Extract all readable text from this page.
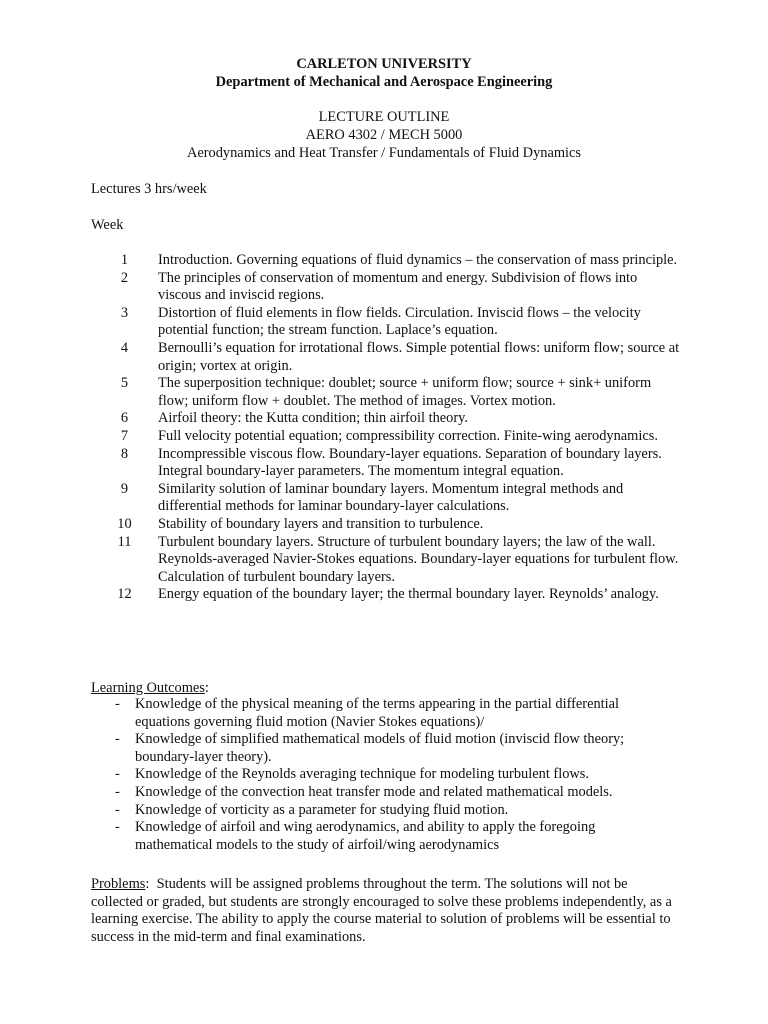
CARLETON UNIVERSITY
Department of Mechanical and Aerospace Engineering
LECTURE OUTLINE
AERO 4302 / MECH 5000
Aerodynamics and Heat Transfer / Fundamentals of Fluid Dynamics
Lectures 3 hrs/week
Week
1	Introduction. Governing equations of fluid dynamics – the conservation of mass principle.
2	The principles of conservation of momentum and energy. Subdivision of flows into viscous and inviscid regions.
3	Distortion of fluid elements in flow fields. Circulation. Inviscid flows – the velocity potential function; the stream function. Laplace’s equation.
4	Bernoulli’s equation for irrotational flows. Simple potential flows: uniform flow; source at origin; vortex at origin.
5	The superposition technique: doublet; source + uniform flow; source + sink+ uniform flow; uniform flow + doublet. The method of images. Vortex motion.
6	Airfoil theory: the Kutta condition; thin airfoil theory.
7	Full velocity potential equation; compressibility correction. Finite-wing aerodynamics.
8	Incompressible viscous flow. Boundary-layer equations. Separation of boundary layers. Integral boundary-layer parameters. The momentum integral equation.
9	Similarity solution of laminar boundary layers. Momentum integral methods and differential methods for laminar boundary-layer calculations.
10	Stability of boundary layers and transition to turbulence.
11	Turbulent boundary layers. Structure of turbulent boundary layers; the law of the wall. Reynolds-averaged Navier-Stokes equations. Boundary-layer equations for turbulent flow. Calculation of turbulent boundary layers.
12	Energy equation of the boundary layer; the thermal boundary layer. Reynolds’ analogy.
Learning Outcomes:
-	Knowledge of the physical meaning of the terms appearing in the partial differential equations governing fluid motion (Navier Stokes equations)/
-	Knowledge of simplified mathematical models of fluid motion (inviscid flow theory; boundary-layer theory).
-	Knowledge of the Reynolds averaging technique for modeling turbulent flows.
-	Knowledge of the convection heat transfer mode and related mathematical models.
-	Knowledge of vorticity as a parameter for studying fluid motion.
-	Knowledge of airfoil and wing aerodynamics, and ability to apply the foregoing mathematical models to the study of airfoil/wing aerodynamics
Problems:  Students will be assigned problems throughout the term. The solutions will not be collected or graded, but students are strongly encouraged to solve these problems independently, as a learning exercise. The ability to apply the course material to solution of problems will be essential to success in the mid-term and final examinations.
